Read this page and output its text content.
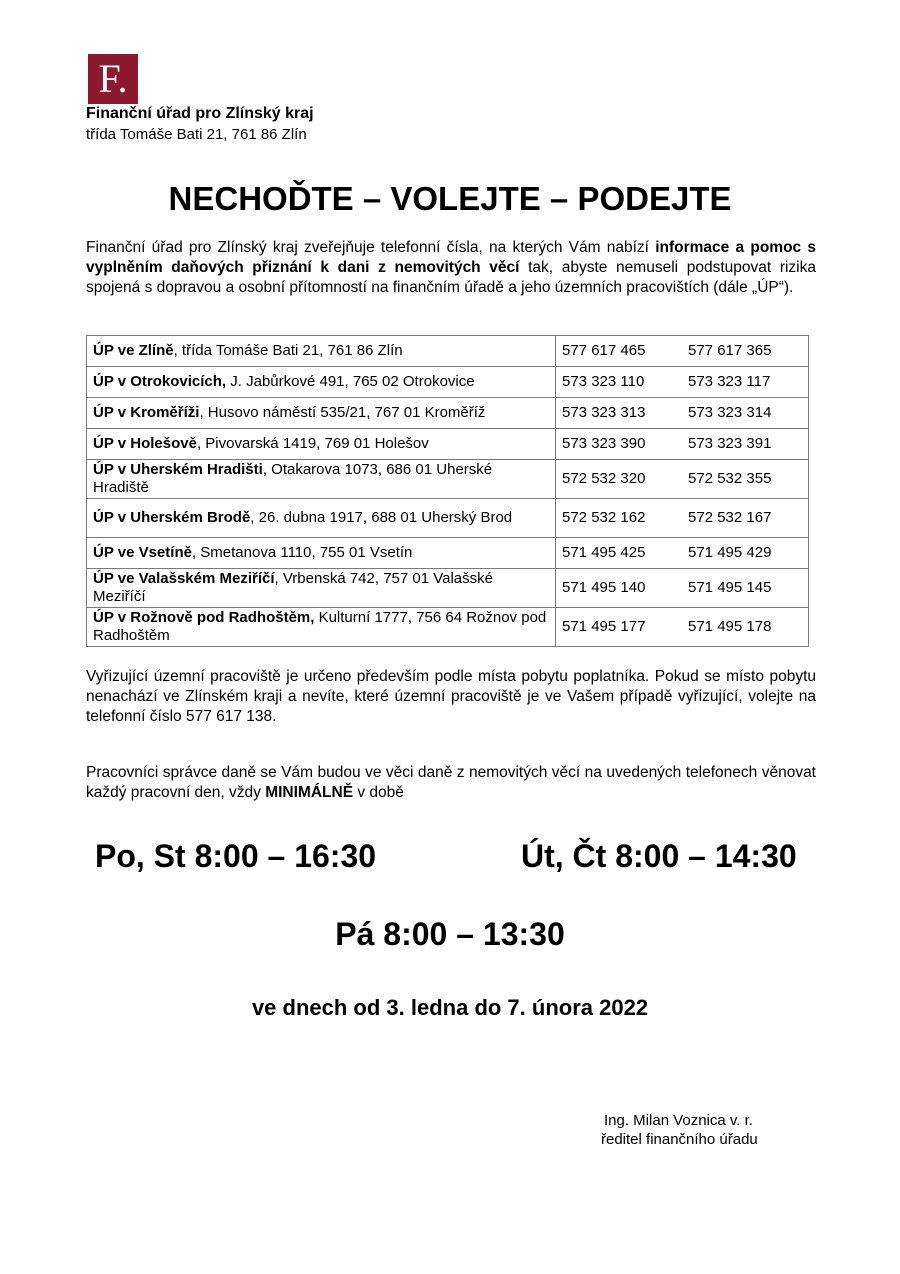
F.
Finanční úřad pro Zlínský kraj
třída Tomáše Bati 21, 761 86 Zlín
NECHOĎTE – VOLEJTE – PODEJTE

Finanční úřad pro Zlínský kraj zveřejňuje telefonní čísla, na kterých Vám nabízí informace a pomoc s vyplněním daňových přiznání k dani z nemovitých věcí tak, abyste nemuseli podstupovat rizika spojená s dopravou a osobní přítomností na finančním úřadě a jeho územních pracovištích (dále „ÚP“).

ÚP ve Zlíně, třída Tomáše Bati 21, 761 86 Zlín	577 617 465	577 617 365
ÚP v Otrokovicích, J. Jabůrkové 491, 765 02 Otrokovice	573 323 110	573 323 117
ÚP v Kroměříži, Husovo náměstí 535/21, 767 01 Kroměříž	573 323 313	573 323 314
ÚP v Holešově, Pivovarská 1419, 769 01 Holešov	573 323 390	573 323 391
ÚP v Uherském Hradišti, Otakarova 1073, 686 01 Uherské Hradiště	572 532 320	572 532 355
ÚP v Uherském Brodě, 26. dubna 1917, 688 01 Uherský Brod	572 532 162	572 532 167
ÚP ve Vsetíně, Smetanova 1110, 755 01 Vsetín	571 495 425	571 495 429
ÚP ve Valašském Meziříčí, Vrbenská 742, 757 01 Valašské Meziříčí	571 495 140	571 495 145
ÚP v Rožnově pod Radhoštěm, Kulturní 1777, 756 64 Rožnov pod Radhoštěm	571 495 177	571 495 178

Vyřizující územní pracoviště je určeno především podle místa pobytu poplatníka. Pokud se místo pobytu nenachází ve Zlínském kraji a nevíte, které územní pracoviště je ve Vašem případě vyřizující, volejte na telefonní číslo 577 617 138.

Pracovníci správce daně se Vám budou ve věci daně z nemovitých věcí na uvedených telefonech věnovat každý pracovní den, vždy MINIMÁLNĚ v době

Po, St 8:00 – 16:30	Út, Čt 8:00 – 14:30
Pá 8:00 – 13:30
ve dnech od 3. ledna do 7. února 2022
Ing. Milan Voznica v. r.
ředitel finančního úřadu
